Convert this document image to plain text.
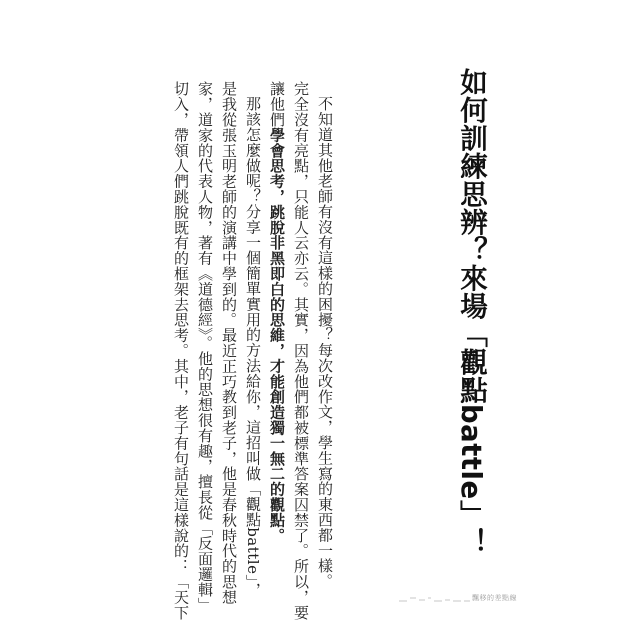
如何訓練思辨？來場「觀點battle」！
不知道其他老師有沒有這樣的困擾？每次改作文，學生寫的東西都一樣。
完全沒有亮點，只能人云亦云。其實，因為他們都被標準答案囚禁了。所以，要
讓他們學會思考，跳脫非黑即白的思維，才能創造獨一無二的觀點。
那該怎麼做呢？分享一個簡單實用的方法給你，這招叫做「觀點battle」，
是我從張玉明老師的演講中學到的。最近正巧教到老子，他是春秋時代的思想
家，道家的代表人物，著有《道德經》。他的思想很有趣，擅長從「反面邏輯」
切入，帶領人們跳脫既有的框架去思考。其中，老子有句話是這樣說的：「天下	飄移的差點線
